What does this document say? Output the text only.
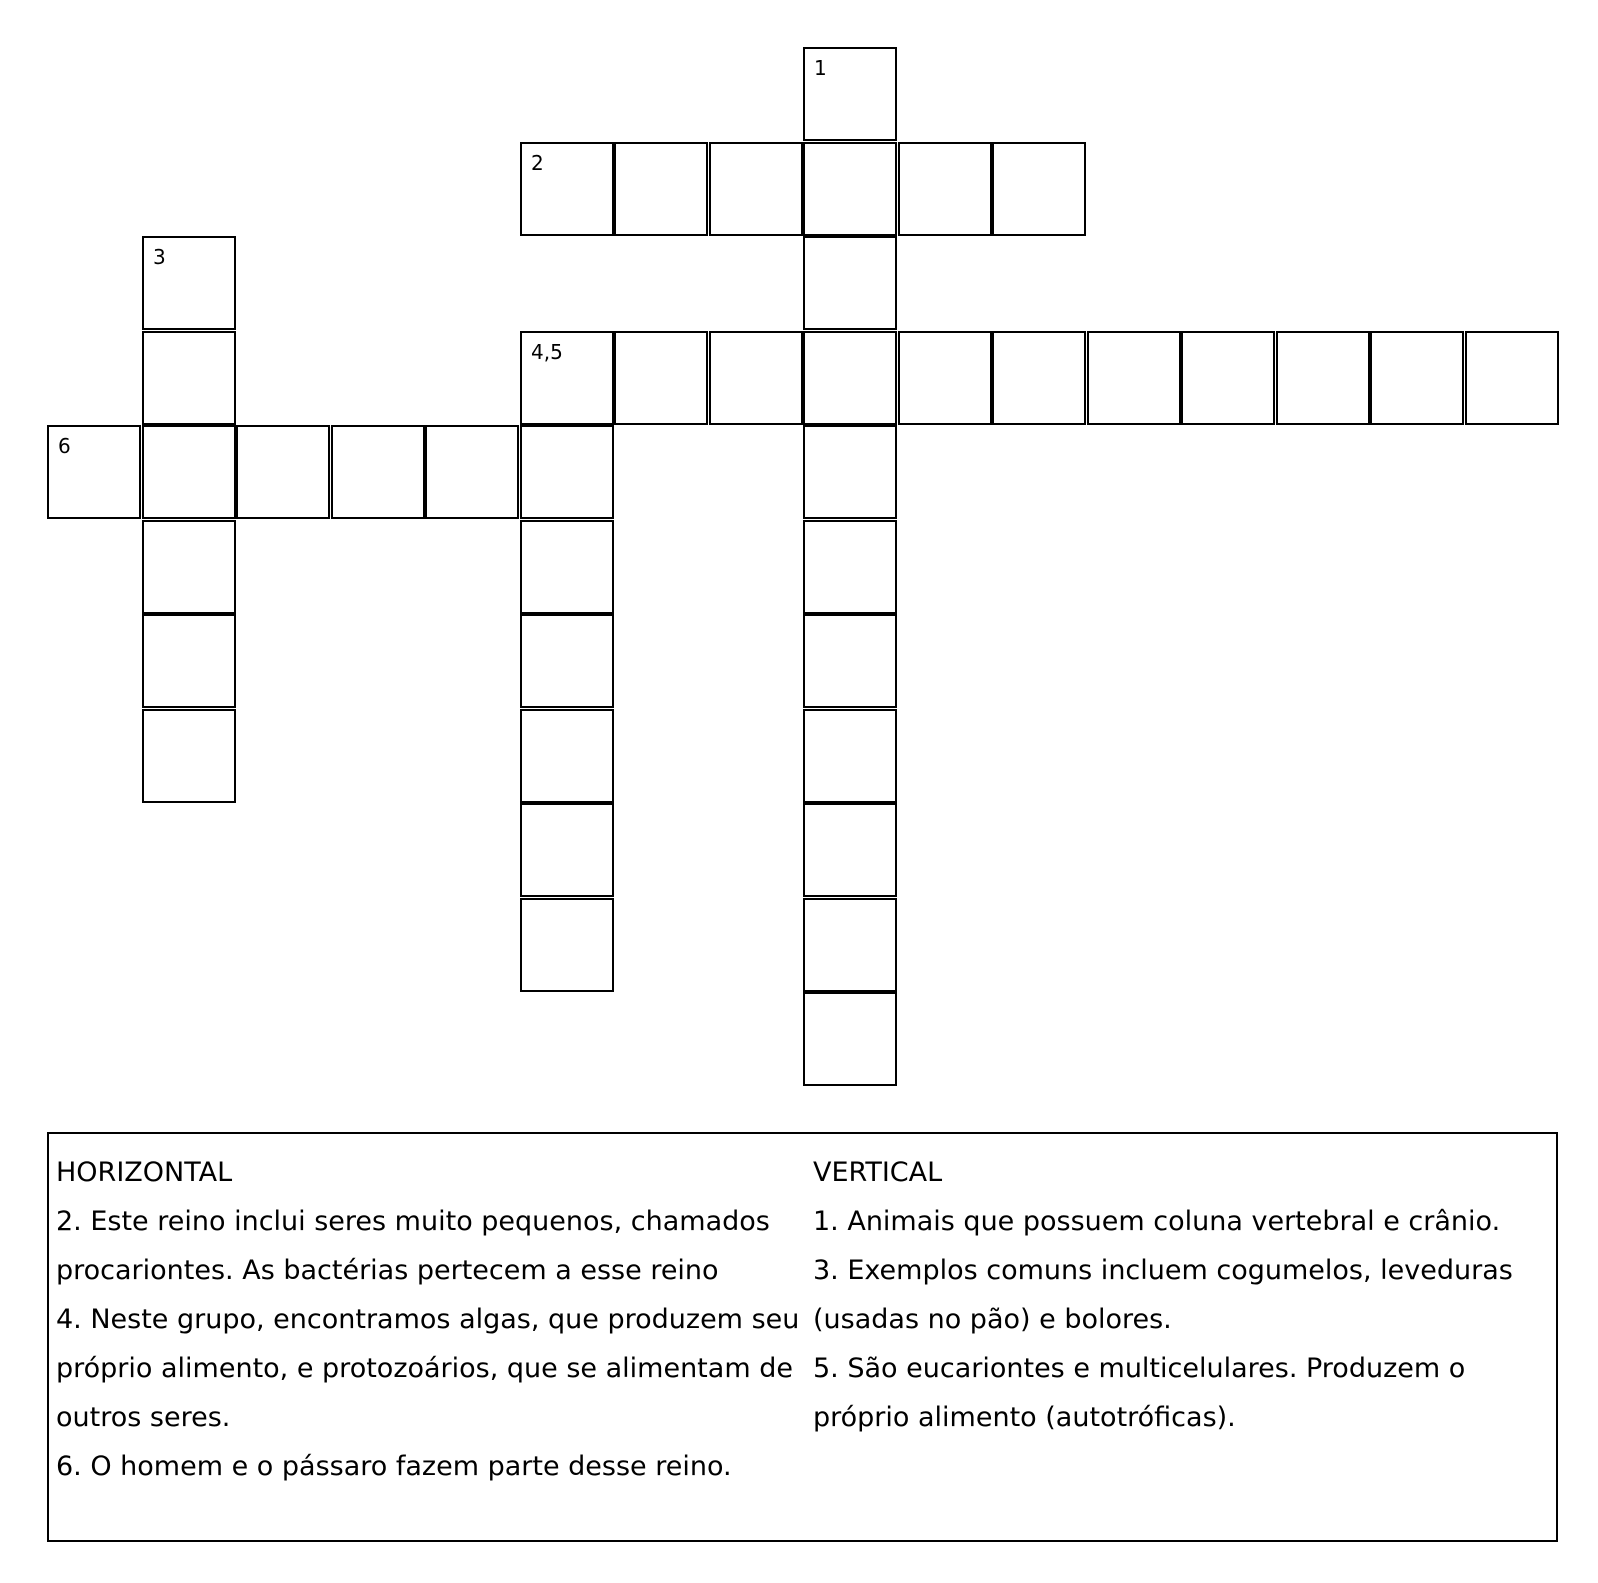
1
2
3
4,5
6
HORIZONTAL
2. Este reino inclui seres muito pequenos, chamados procariontes. As bactérias pertecem a esse reino
4. Neste grupo, encontramos algas, que produzem seu próprio alimento, e protozoários, que se alimentam de outros seres.
6. O homem e o pássaro fazem parte desse reino.
VERTICAL
1. Animais que possuem coluna vertebral e crânio.
3. Exemplos comuns incluem cogumelos, leveduras (usadas no pão) e bolores.
5. São eucariontes e multicelulares. Produzem o próprio alimento (autotróficas).
